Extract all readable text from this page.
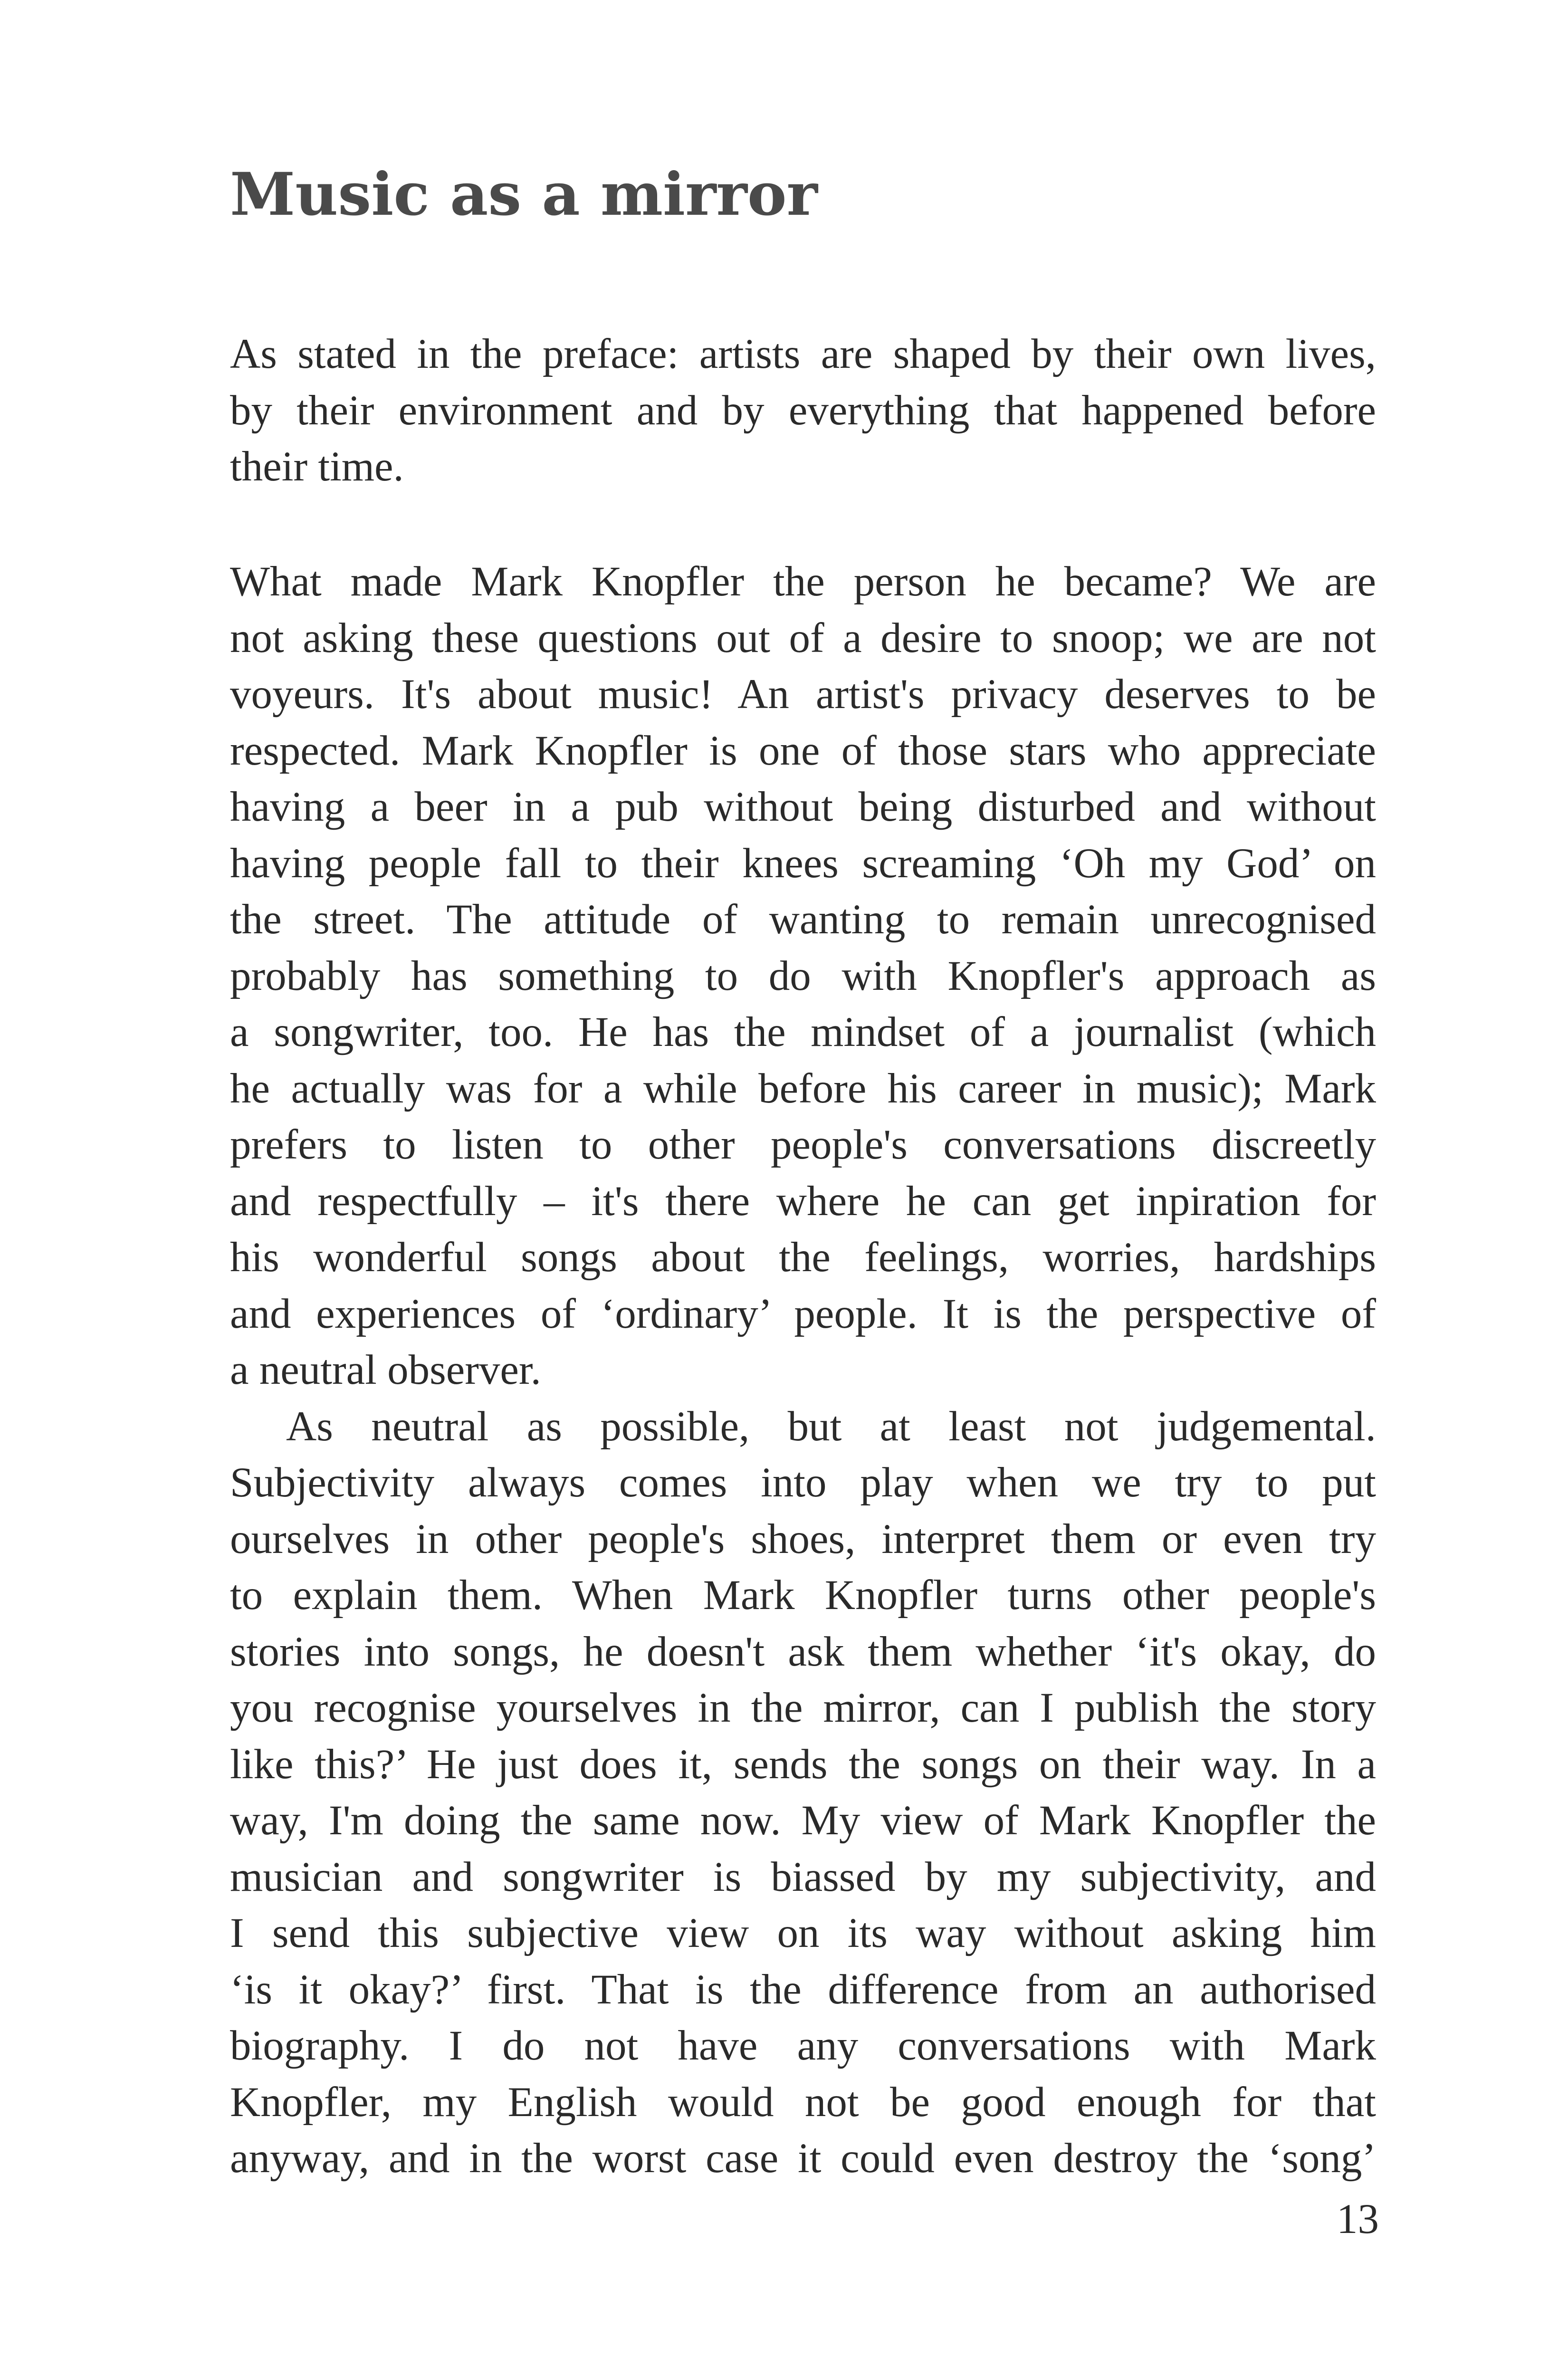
Music as a mirror
As stated in the preface: artists are shaped by their own lives,
by their environment and by everything that happened before
their time.
What made Mark Knopfler the person he became? We are
not asking these questions out of a desire to snoop; we are not
voyeurs. It's about music! An artist's privacy deserves to be
respected. Mark Knopfler is one of those stars who appreciate
having a beer in a pub without being disturbed and without
having people fall to their knees screaming ‘Oh my God’ on
the street. The attitude of wanting to remain unrecognised
probably has something to do with Knopfler's approach as
a songwriter, too. He has the mindset of a journalist (which
he actually was for a while before his career in music); Mark
prefers to listen to other people's conversations discreetly
and respectfully – it's there where he can get inpiration for
his wonderful songs about the feelings, worries, hardships
and experiences of ‘ordinary’ people. It is the perspective of
a neutral observer.
As neutral as possible, but at least not judgemental.
Subjectivity always comes into play when we try to put
ourselves in other people's shoes, interpret them or even try
to explain them. When Mark Knopfler turns other people's
stories into songs, he doesn't ask them whether ‘it's okay, do
you recognise yourselves in the mirror, can I publish the story
like this?’ He just does it, sends the songs on their way. In a
way, I'm doing the same now. My view of Mark Knopfler the
musician and songwriter is biassed by my subjectivity, and
I send this subjective view on its way without asking him
‘is it okay?’ first. That is the difference from an authorised
biography. I do not have any conversations with Mark
Knopfler, my English would not be good enough for that
anyway, and in the worst case it could even destroy the ‘song’
13
